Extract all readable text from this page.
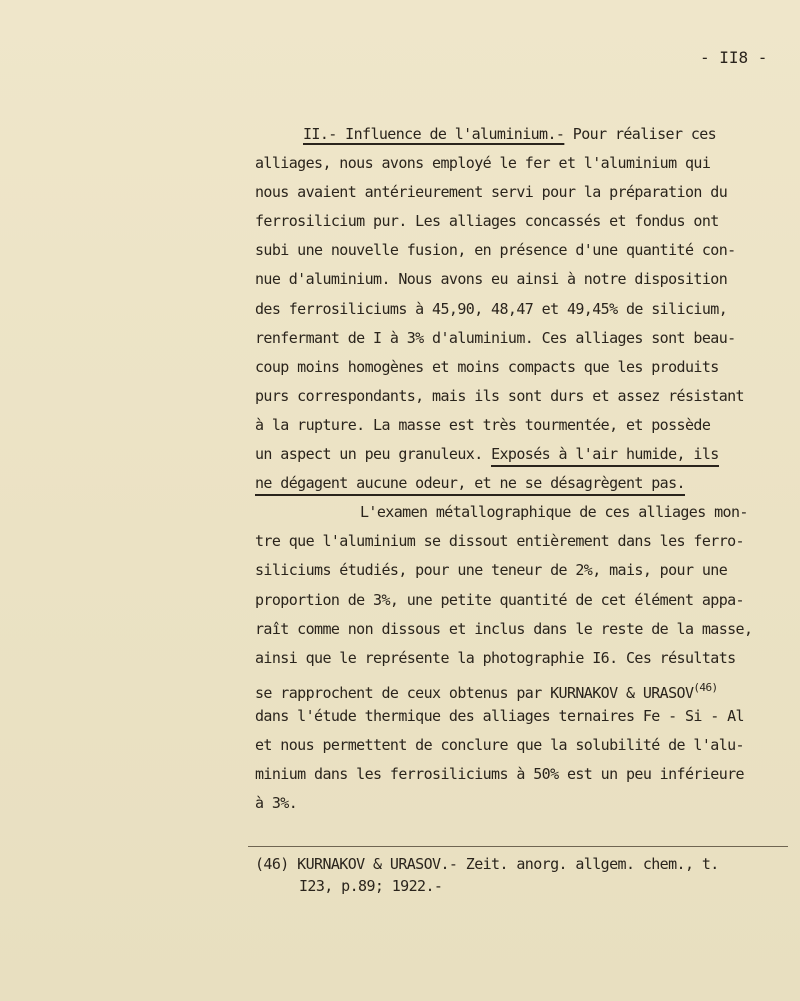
- II8 -
II.- Influence de l'aluminium.- Pour réaliser ces
alliages, nous avons employé le fer et l'aluminium qui
nous avaient antérieurement servi pour la préparation du
ferrosilicium pur. Les alliages concassés et fondus ont
subi une nouvelle fusion, en présence d'une quantité con-
nue d'aluminium. Nous avons eu ainsi à notre disposition
des ferrosiliciums à 45,90, 48,47 et 49,45% de silicium,
renfermant de I à 3% d'aluminium. Ces alliages sont beau-
coup moins homogènes et moins compacts que les produits
purs correspondants, mais ils sont durs et assez résistant
à la rupture. La masse est très tourmentée, et possède
un aspect un peu granuleux. Exposés à l'air humide, ils
ne dégagent aucune odeur, et ne se désagrègent pas.
L'examen métallographique de ces alliages mon-
tre que l'aluminium se dissout entièrement dans les ferro-
siliciums étudiés, pour une teneur de 2%, mais, pour une
proportion de 3%, une petite quantité de cet élément appa-
raît comme non dissous et inclus dans le reste de la masse,
ainsi que le représente la photographie I6. Ces résultats
se rapprochent de ceux obtenus par KURNAKOV & URASOV$^{(46)}$
dans l'étude thermique des alliages ternaires Fe - Si - Al
et nous permettent de conclure que la solubilité de l'alu-
minium dans les ferrosiliciums à 50% est un peu inférieure
à 3%.
(46) KURNAKOV & URASOV.- Zeit. anorg. allgem. chem., t.
I23, p.89; 1922.-
